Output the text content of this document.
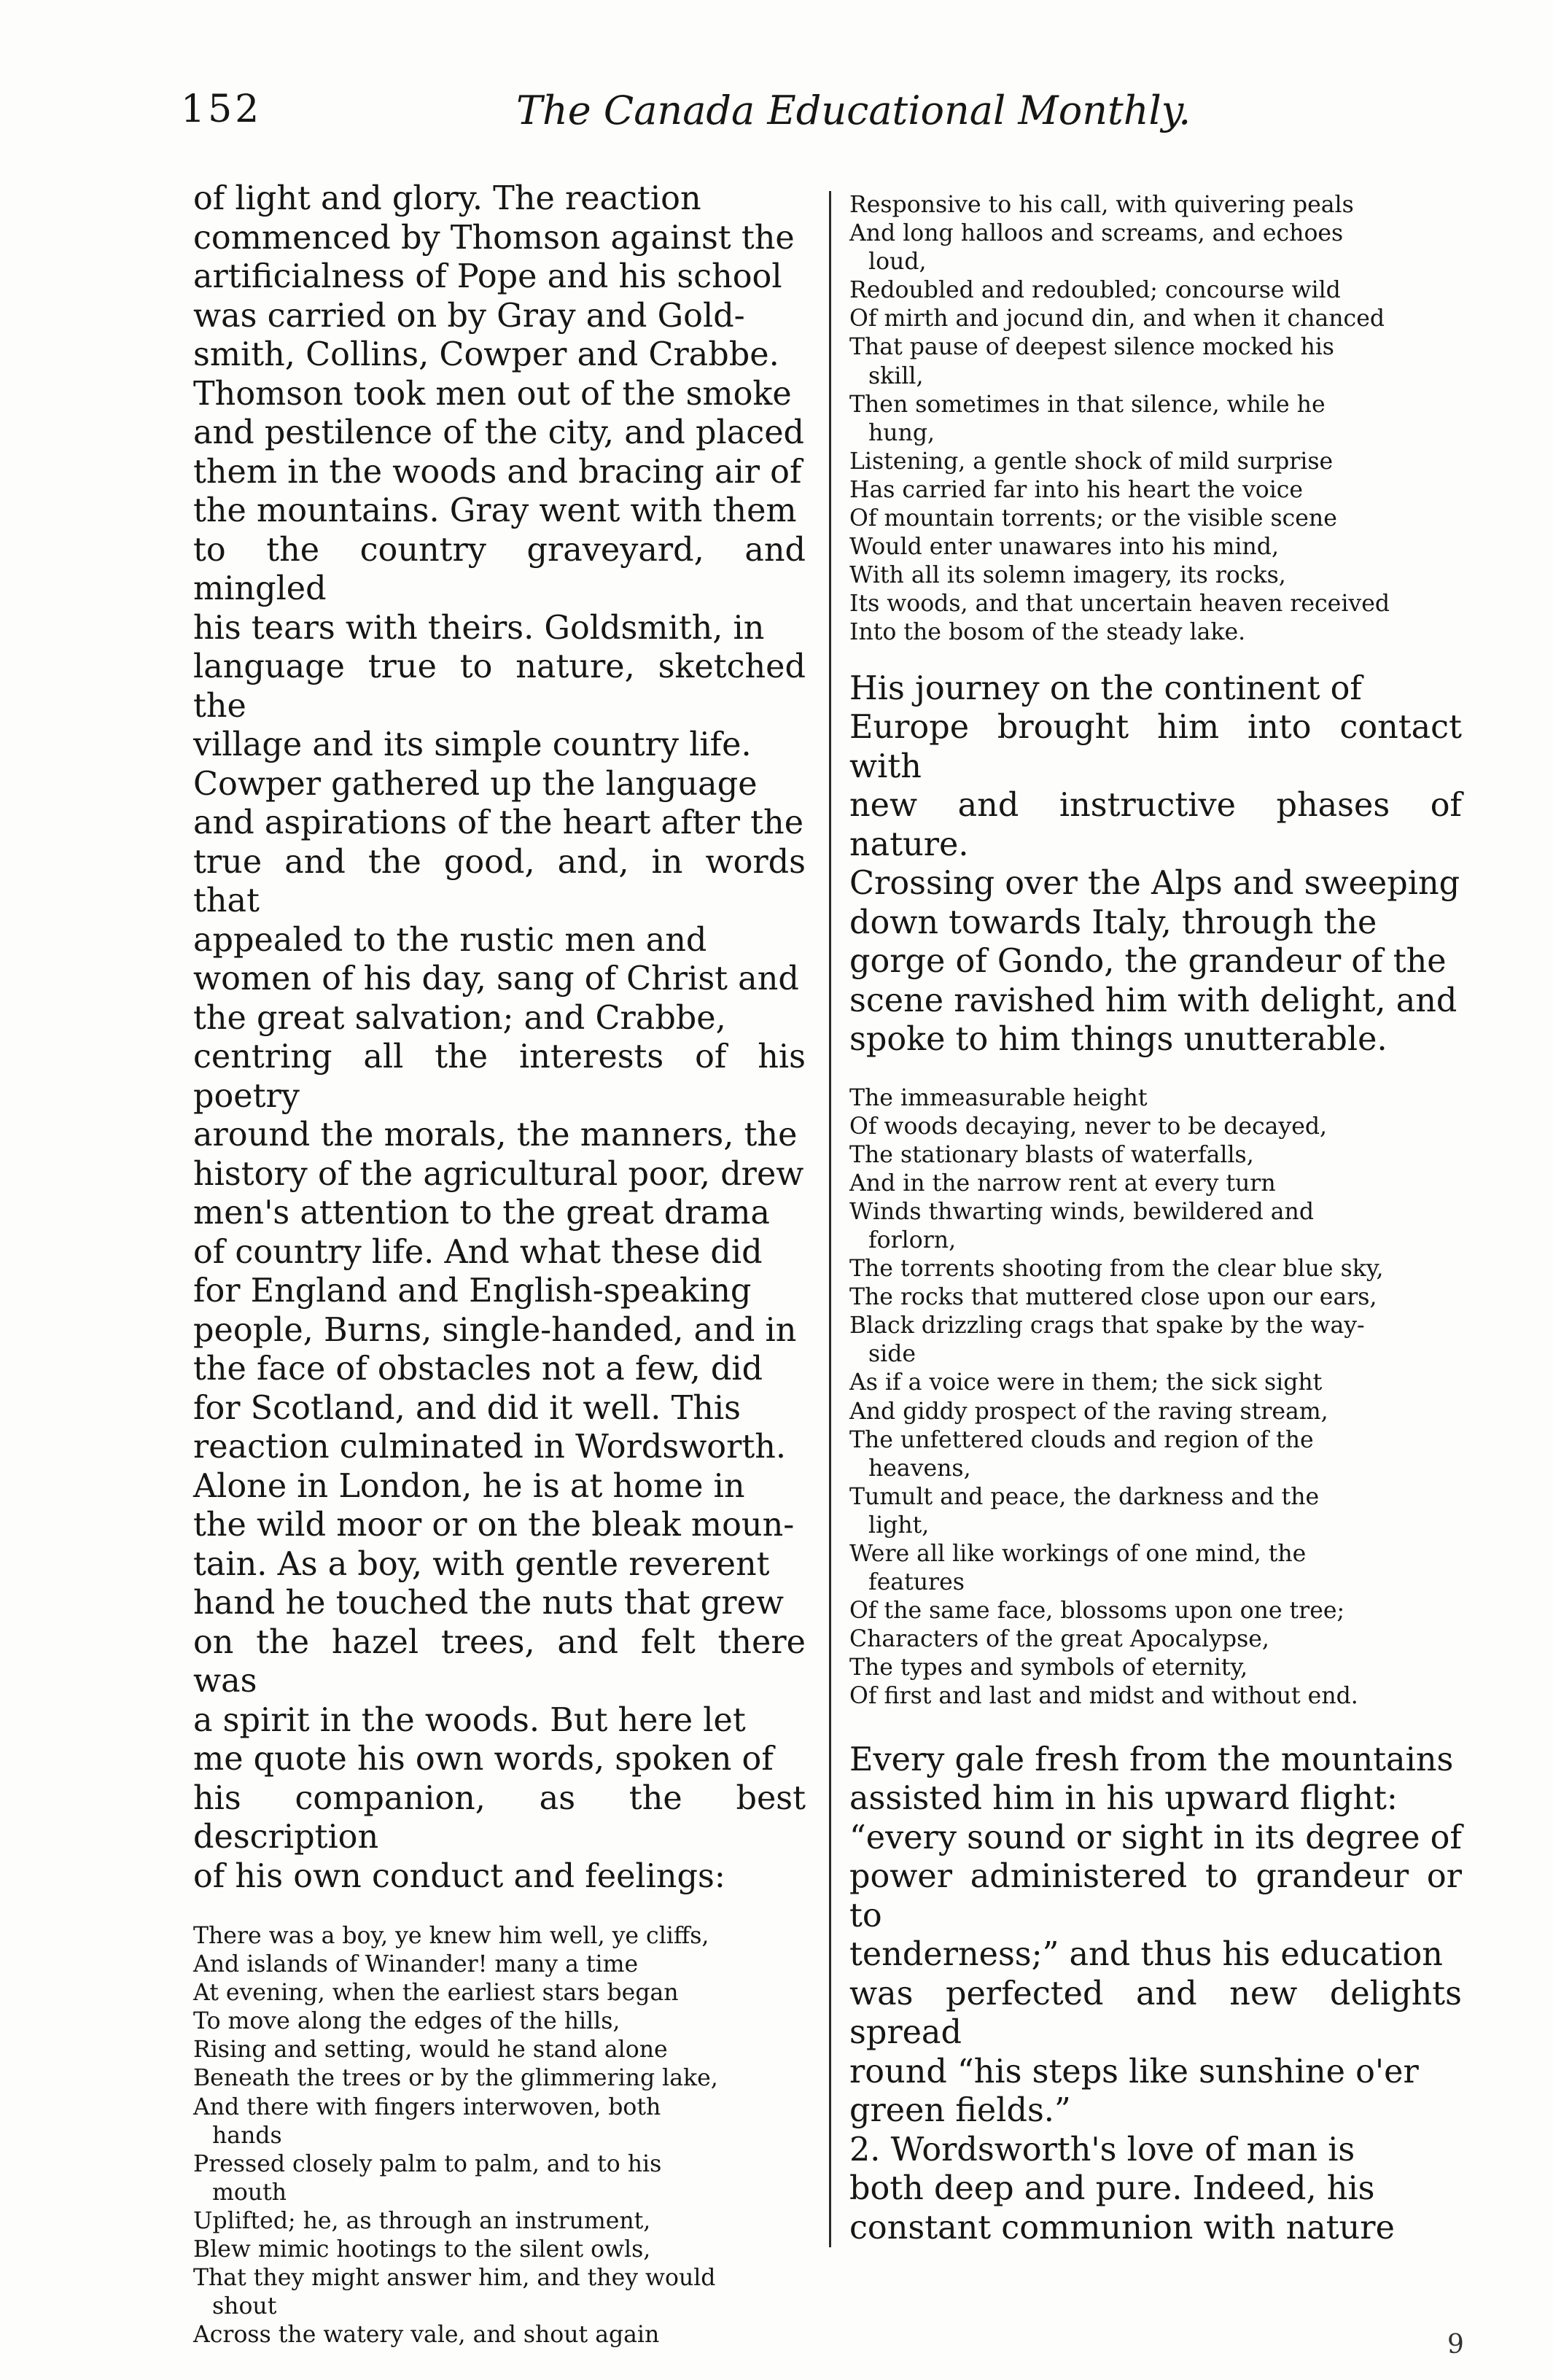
152	The Canada Educational Monthly.

of light and glory. The reaction
commenced by Thomson against the
artificialness of Pope and his school
was carried on by Gray and Gold-
smith, Collins, Cowper and Crabbe.
Thomson took men out of the smoke
and pestilence of the city, and placed
them in the woods and bracing air of
the mountains. Gray went with them
to the country graveyard, and mingled
his tears with theirs. Goldsmith, in
language true to nature, sketched the
village and its simple country life.
Cowper gathered up the language
and aspirations of the heart after the
true and the good, and, in words that
appealed to the rustic men and
women of his day, sang of Christ and
the great salvation; and Crabbe,
centring all the interests of his poetry
around the morals, the manners, the
history of the agricultural poor, drew
men's attention to the great drama
of country life. And what these did
for England and English-speaking
people, Burns, single-handed, and in
the face of obstacles not a few, did
for Scotland, and did it well. This
reaction culminated in Wordsworth.
Alone in London, he is at home in
the wild moor or on the bleak moun-
tain. As a boy, with gentle reverent
hand he touched the nuts that grew
on the hazel trees, and felt there was
a spirit in the woods. But here let
me quote his own words, spoken of
his companion, as the best description
of his own conduct and feelings:

There was a boy, ye knew him well, ye cliffs,
And islands of Winander! many a time
At evening, when the earliest stars began
To move along the edges of the hills,
Rising and setting, would he stand alone
Beneath the trees or by the glimmering lake,
And there with fingers interwoven, both
hands
Pressed closely palm to palm, and to his
mouth
Uplifted; he, as through an instrument,
Blew mimic hootings to the silent owls,
That they might answer him, and they would
shout
Across the watery vale, and shout again
Responsive to his call, with quivering peals
And long halloos and screams, and echoes
loud,
Redoubled and redoubled; concourse wild
Of mirth and jocund din, and when it chanced
That pause of deepest silence mocked his
skill,
Then sometimes in that silence, while he
hung,
Listening, a gentle shock of mild surprise
Has carried far into his heart the voice
Of mountain torrents; or the visible scene
Would enter unawares into his mind,
With all its solemn imagery, its rocks,
Its woods, and that uncertain heaven received
Into the bosom of the steady lake.

His journey on the continent of
Europe brought him into contact with
new and instructive phases of nature.
Crossing over the Alps and sweeping
down towards Italy, through the
gorge of Gondo, the grandeur of the
scene ravished him with delight, and
spoke to him things unutterable.

The immeasurable height
Of woods decaying, never to be decayed,
The stationary blasts of waterfalls,
And in the narrow rent at every turn
Winds thwarting winds, bewildered and
forlorn,
The torrents shooting from the clear blue sky,
The rocks that muttered close upon our ears,
Black drizzling crags that spake by the way-
side
As if a voice were in them; the sick sight
And giddy prospect of the raving stream,
The unfettered clouds and region of the
heavens,
Tumult and peace, the darkness and the
light,
Were all like workings of one mind, the
features
Of the same face, blossoms upon one tree;
Characters of the great Apocalypse,
The types and symbols of eternity,
Of first and last and midst and without end.

Every gale fresh from the mountains
assisted him in his upward flight:
“every sound or sight in its degree of
power administered to grandeur or to
tenderness;” and thus his education
was perfected and new delights spread
round “his steps like sunshine o'er
green fields.”

2. Wordsworth's love of man is
both deep and pure. Indeed, his
constant communion with nature

9
